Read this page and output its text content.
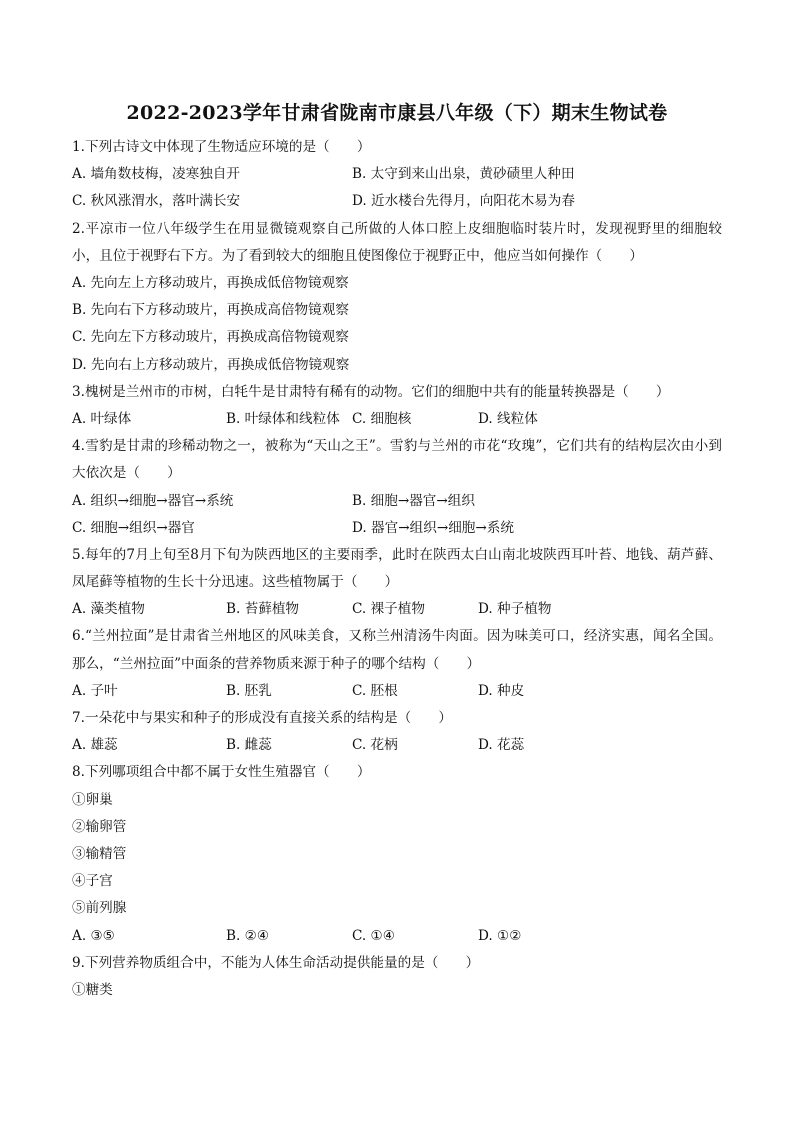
2022-2023学年甘肃省陇南市康县八年级（下）期末生物试卷
1.下列古诗文中体现了生物适应环境的是（　　）
A. 墙角数枝梅，凌寒独自开	B. 太守到来山出泉，黄砂碛里人种田
C. 秋风涨渭水，落叶满长安	D. 近水楼台先得月，向阳花木易为春
2.平凉市一位八年级学生在用显微镜观察自己所做的人体口腔上皮细胞临时装片时，发现视野里的细胞较小，且位于视野右下方。为了看到较大的细胞且使图像位于视野正中，他应当如何操作（　　）
A. 先向左上方移动玻片，再换成低倍物镜观察
B. 先向右下方移动玻片，再换成高倍物镜观察
C. 先向左下方移动玻片，再换成高倍物镜观察
D. 先向右上方移动玻片，再换成低倍物镜观察
3.槐树是兰州市的市树，白牦牛是甘肃特有稀有的动物。它们的细胞中共有的能量转换器是（　　）
A. 叶绿体	B. 叶绿体和线粒体 C. 细胞核	D. 线粒体
4.雪豹是甘肃的珍稀动物之一，被称为“天山之王”。雪豹与兰州的市花“玫瑰”，它们共有的结构层次由小到大依次是（　　）
A. 组织→细胞→器官→系统	B. 细胞→器官→组织
C. 细胞→组织→器官	D. 器官→组织→细胞→系统
5.每年的7月上旬至8月下旬为陕西地区的主要雨季，此时在陕西太白山南北坡陕西耳叶苔、地钱、葫芦藓、凤尾藓等植物的生长十分迅速。这些植物属于（　　）
A. 藻类植物	B. 苔藓植物	C. 裸子植物	D. 种子植物
6.“兰州拉面”是甘肃省兰州地区的风味美食，又称兰州清汤牛肉面。因为味美可口，经济实惠，闻名全国。那么，“兰州拉面”中面条的营养物质来源于种子的哪个结构（　　）
A. 子叶	B. 胚乳	C. 胚根	D. 种皮
7.一朵花中与果实和种子的形成没有直接关系的结构是（　　）
A. 雄蕊	B. 雌蕊	C. 花柄	D. 花蕊
8.下列哪项组合中都不属于女性生殖器官（　　）
①卵巢
②输卵管
③输精管
④子宫
⑤前列腺
A. ③⑤	B. ②④	C. ①④	D. ①②
9.下列营养物质组合中，不能为人体生命活动提供能量的是（　　）
①糖类
